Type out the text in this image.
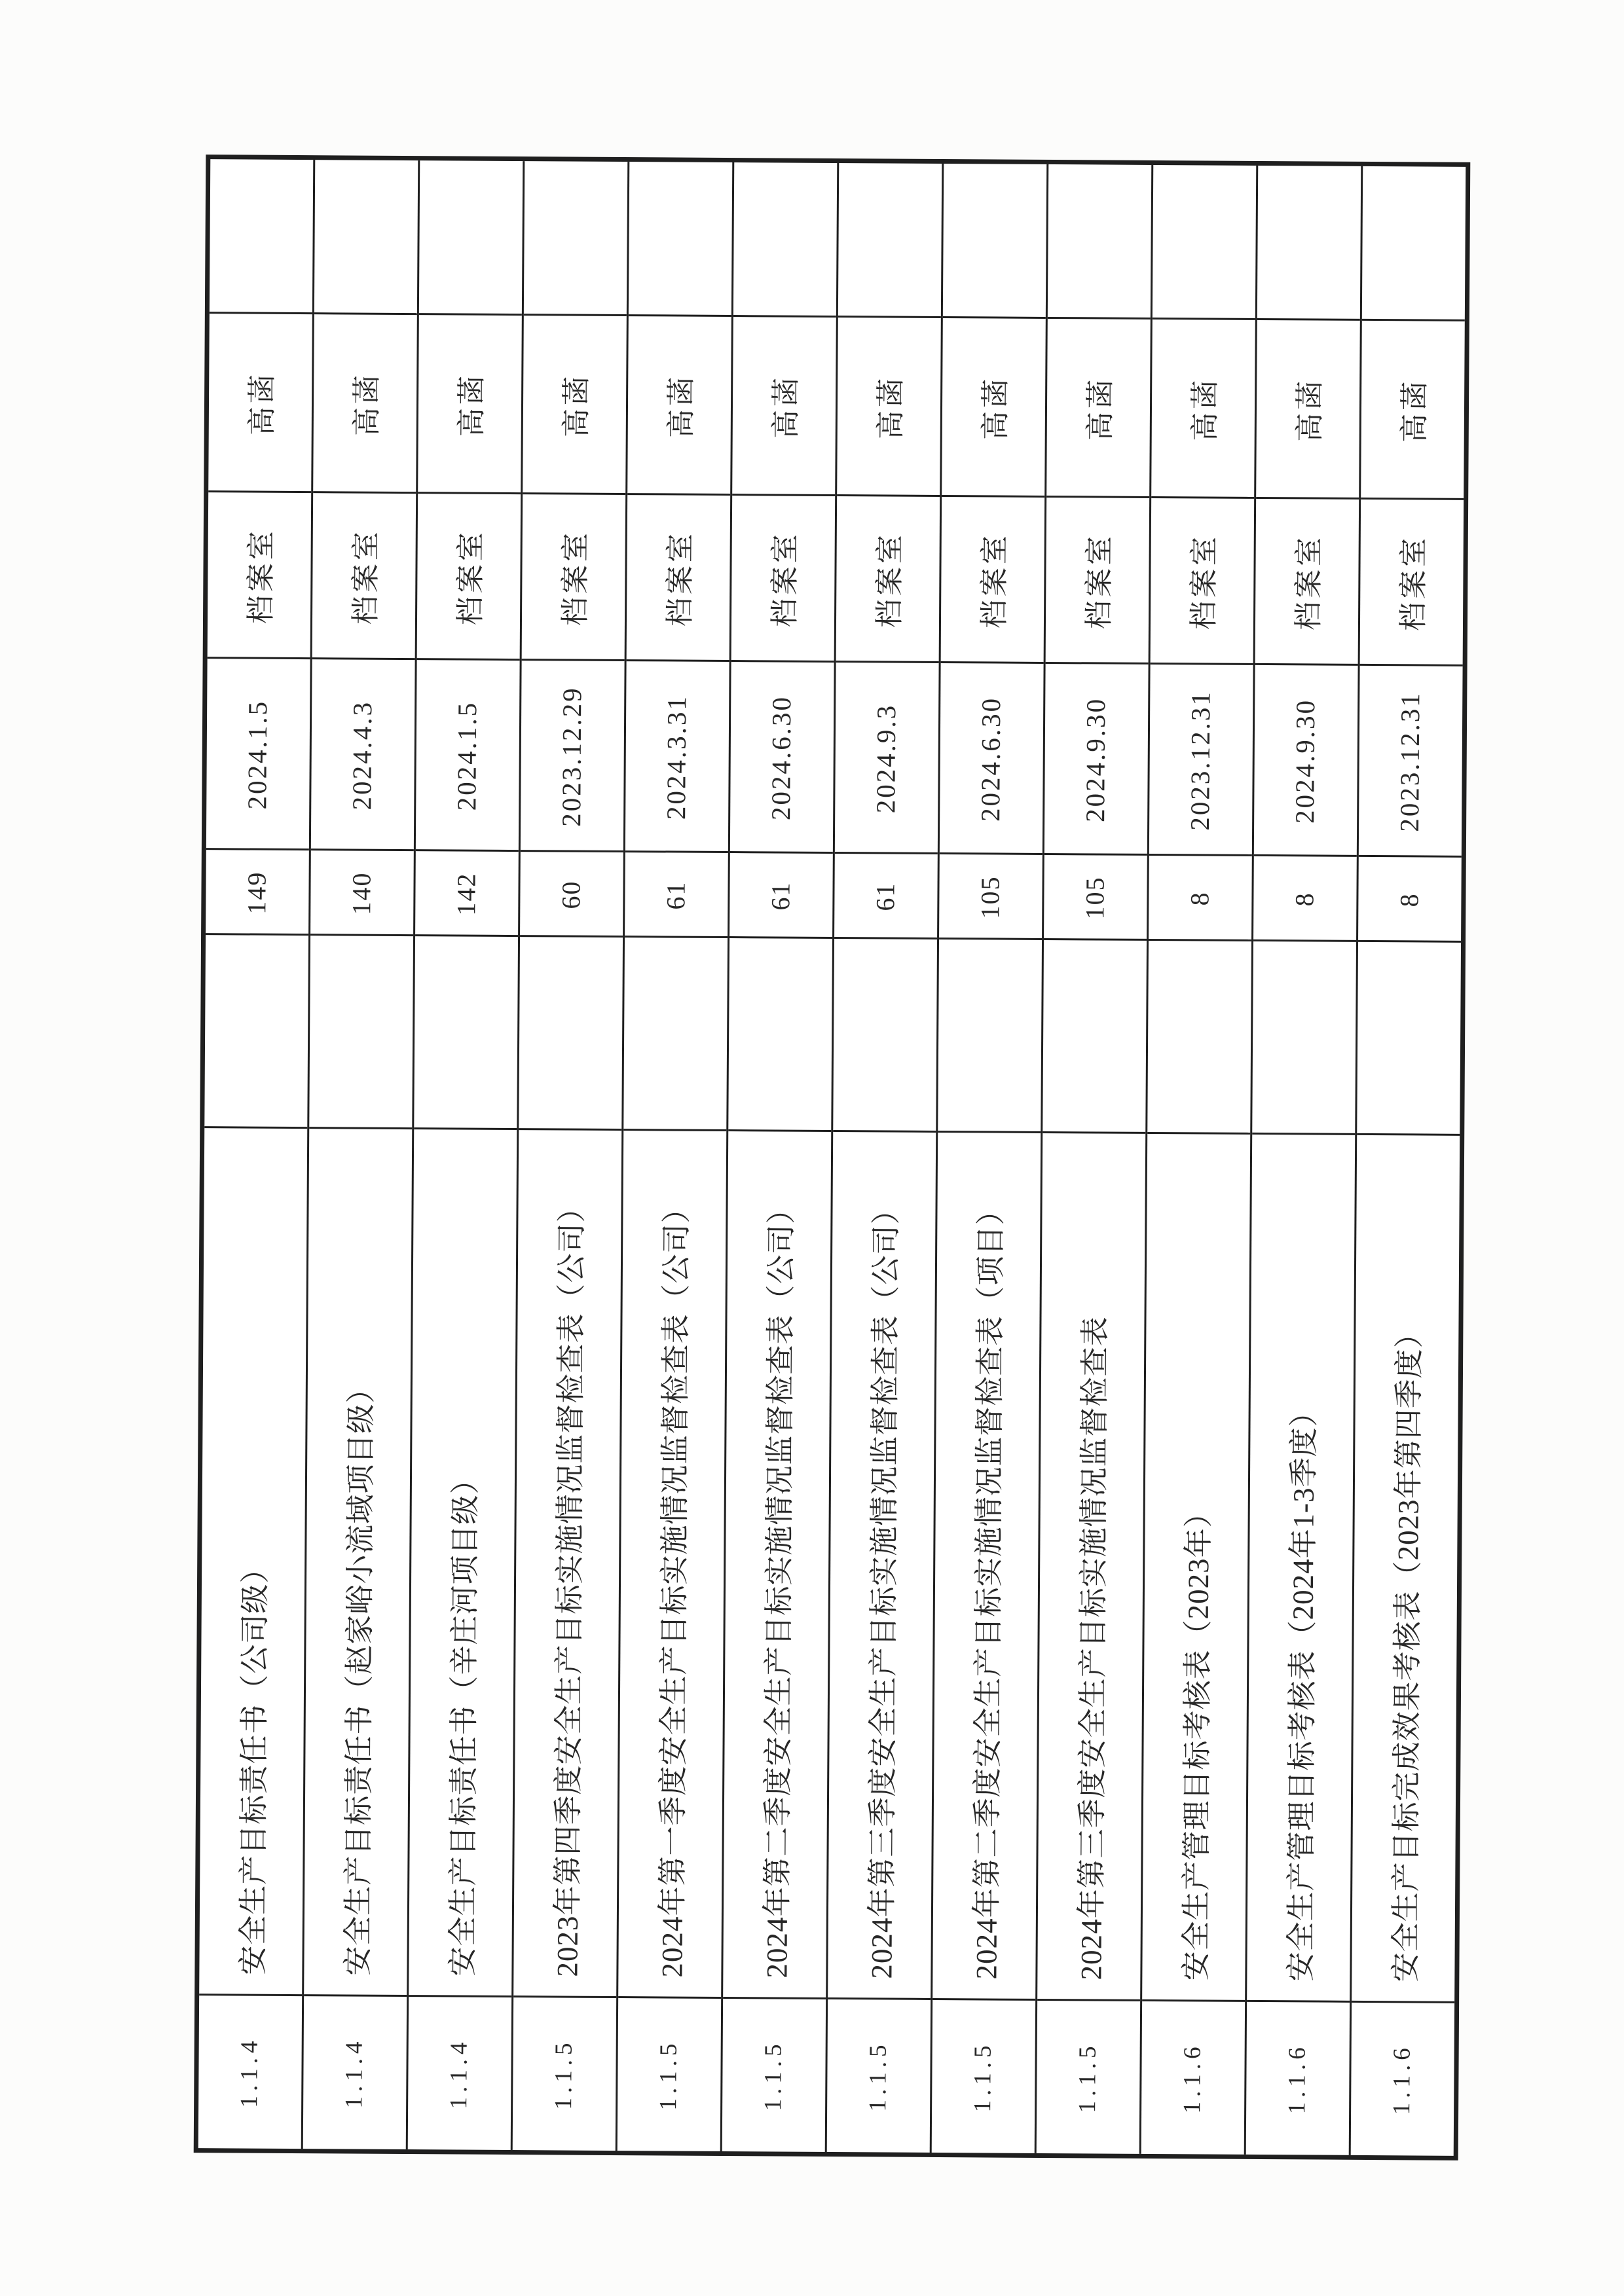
高菡
档案室
2024.1.5
149
安全生产目标责任书（公司级）
1.1.4
高菡
档案室
2024.4.3
140
安全生产目标责任书（赵家峪小流域项目级）
1.1.4
高菡
档案室
2024.1.5
142
安全生产目标责任书（辛庄河项目级）
1.1.4
高菡
档案室
2023.12.29
60
2023年第四季度安全生产目标实施情况监督检查表（公司）
1.1.5
高菡
档案室
2024.3.31
61
2024年第一季度安全生产目标实施情况监督检查表（公司）
1.1.5
高菡
档案室
2024.6.30
61
2024年第二季度安全生产目标实施情况监督检查表（公司）
1.1.5
高菡
档案室
2024.9.3
61
2024年第三季度安全生产目标实施情况监督检查表（公司）
1.1.5
高菡
档案室
2024.6.30
105
2024年第二季度安全生产目标实施情况监督检查表（项目）
1.1.5
高菡
档案室
2024.9.30
105
2024年第三季度安全生产目标实施情况监督检查表
1.1.5
高菡
档案室
2023.12.31
8
安全生产管理目标考核表（2023年）
1.1.6
高菡
档案室
2024.9.30
8
安全生产管理目标考核表（2024年1-3季度）
1.1.6
高菡
档案室
2023.12.31
8
安全生产目标完成效果考核表（2023年第四季度）
1.1.6
